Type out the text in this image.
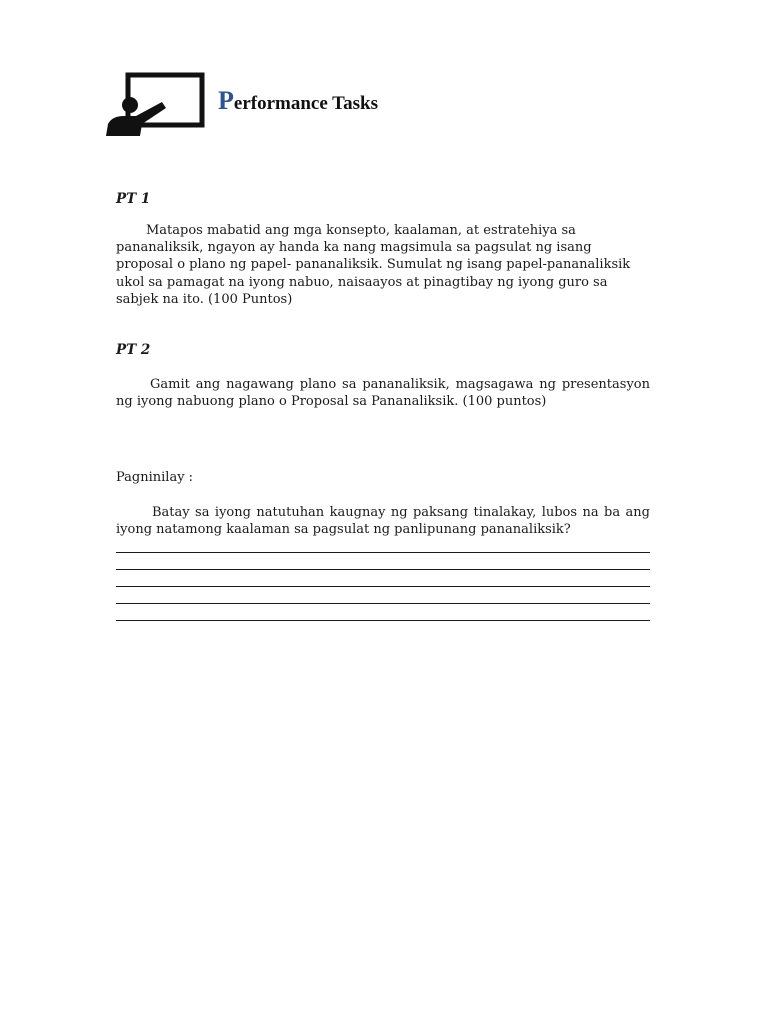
Performance Tasks
PT 1

Matapos mabatid ang mga konsepto, kaalaman, at estratehiya sa pananaliksik, ngayon ay handa ka nang magsimula sa pagsulat ng isang proposal o plano ng papel- pananaliksik. Sumulat ng isang papel-pananaliksik ukol sa pamagat na iyong nabuo, naisaayos at pinagtibay ng iyong guro sa sabjek na ito. (100 Puntos)

PT 2

Gamit ang nagawang plano sa pananaliksik, magsagawa ng presentasyon ng iyong nabuong plano o Proposal sa Pananaliksik. (100 puntos)

Pagninilay :

Batay sa iyong natutuhan kaugnay ng paksang tinalakay, lubos na ba ang iyong natamong kaalaman sa pagsulat ng panlipunang pananaliksik?
